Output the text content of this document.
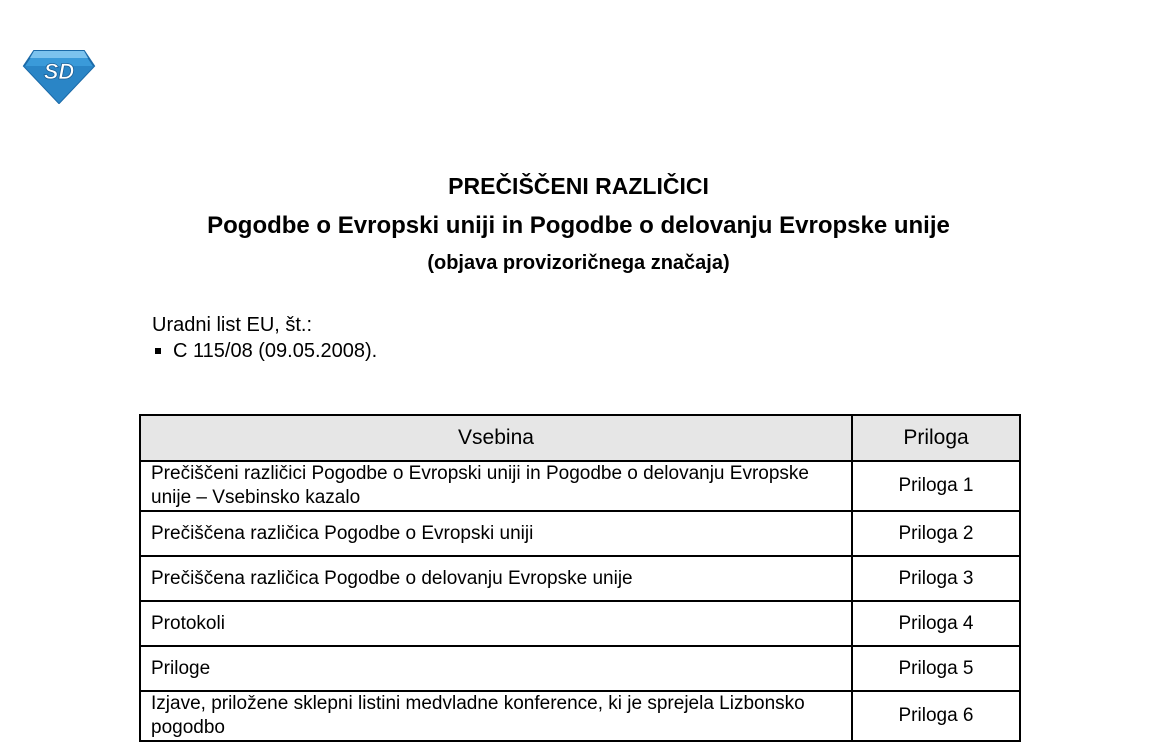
SD
PREČIŠČENI RAZLIČICI
Pogodbe o Evropski uniji in Pogodbe o delovanju Evropske unije
(objava provizoričnega značaja)
Uradni list EU, št.:
C 115/08 (09.05.2008).
Vsebina	Priloga
Prečiščeni različici Pogodbe o Evropski uniji in Pogodbe o delovanju Evropske unije – Vsebinsko kazalo	Priloga 1
Prečiščena različica Pogodbe o Evropski uniji	Priloga 2
Prečiščena različica Pogodbe o delovanju Evropske unije	Priloga 3
Protokoli	Priloga 4
Priloge	Priloga 5
Izjave, priložene sklepni listini medvladne konference, ki je sprejela Lizbonsko pogodbo	Priloga 6
